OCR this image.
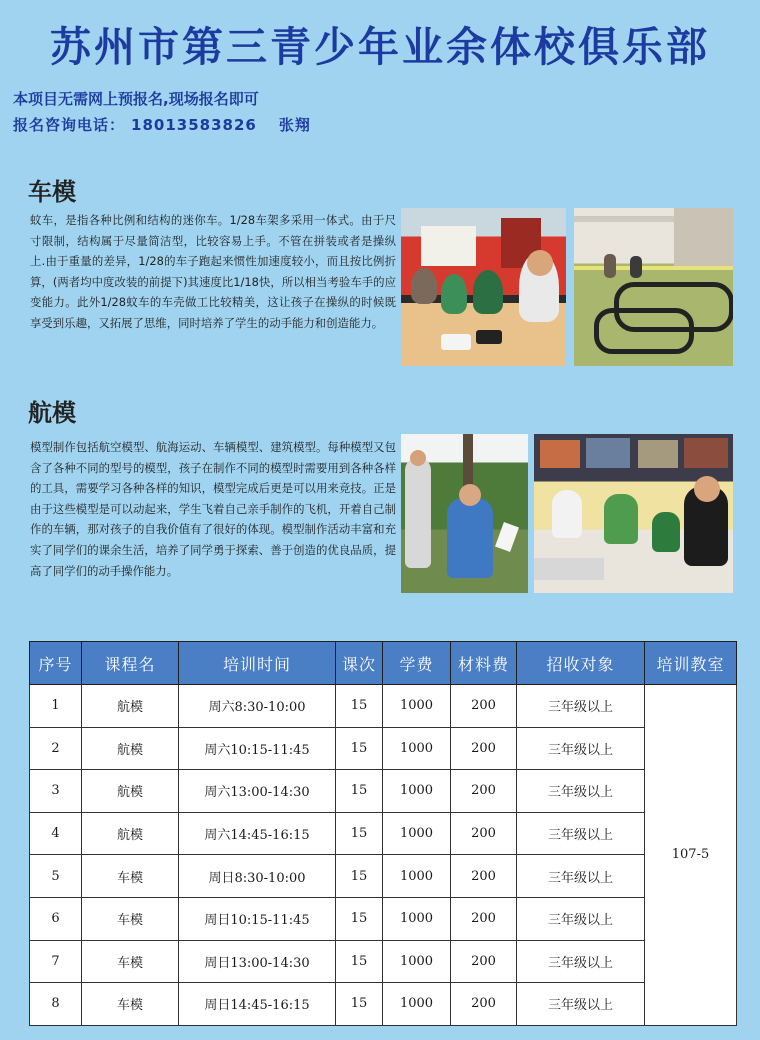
苏州市第三青少年业余体校俱乐部
本项目无需网上预报名,现场报名即可
报名咨询电话： 18013583826 张翔
车模
蚊车，是指各种比例和结构的迷你车。1/28车架多采用一体式。由于尺寸限制，结构属于尽量简洁型，比较容易上手。不管在拼装或者是操纵上.由于重量的差异，1/28的车子跑起来惯性加速度较小，而且按比例折算，(两者均中度改装的前提下)其速度比1/18快，所以相当考验车手的应变能力。此外1/28蚊车的车壳做工比较精美，这让孩子在操纵的时候既享受到乐趣，又拓展了思维，同时培养了学生的动手能力和创造能力。
航模
模型制作包括航空模型、航海运动、车辆模型、建筑模型。每种模型又包含了各种不同的型号的模型，孩子在制作不同的模型时需要用到各种各样的工具，需要学习各种各样的知识，模型完成后更是可以用来竞技。正是由于这些模型是可以动起来，学生飞着自己亲手制作的飞机，开着自己制作的车辆，那对孩子的自我价值有了很好的体现。模型制作活动丰富和充实了同学们的课余生活，培养了同学勇于探索、善于创造的优良品质，提高了同学们的动手操作能力。
序号	课程名	培训时间	课次	学费	材料费	招收对象	培训教室
1	航模	周六8:30-10:00	15	1000	200	三年级以上	107-5
2	航模	周六10:15-11:45	15	1000	200	三年级以上	
3	航模	周六13:00-14:30	15	1000	200	三年级以上	
4	航模	周六14:45-16:15	15	1000	200	三年级以上	
5	车模	周日8:30-10:00	15	1000	200	三年级以上	
6	车模	周日10:15-11:45	15	1000	200	三年级以上	
7	车模	周日13:00-14:30	15	1000	200	三年级以上	
8	车模	周日14:45-16:15	15	1000	200	三年级以上	
